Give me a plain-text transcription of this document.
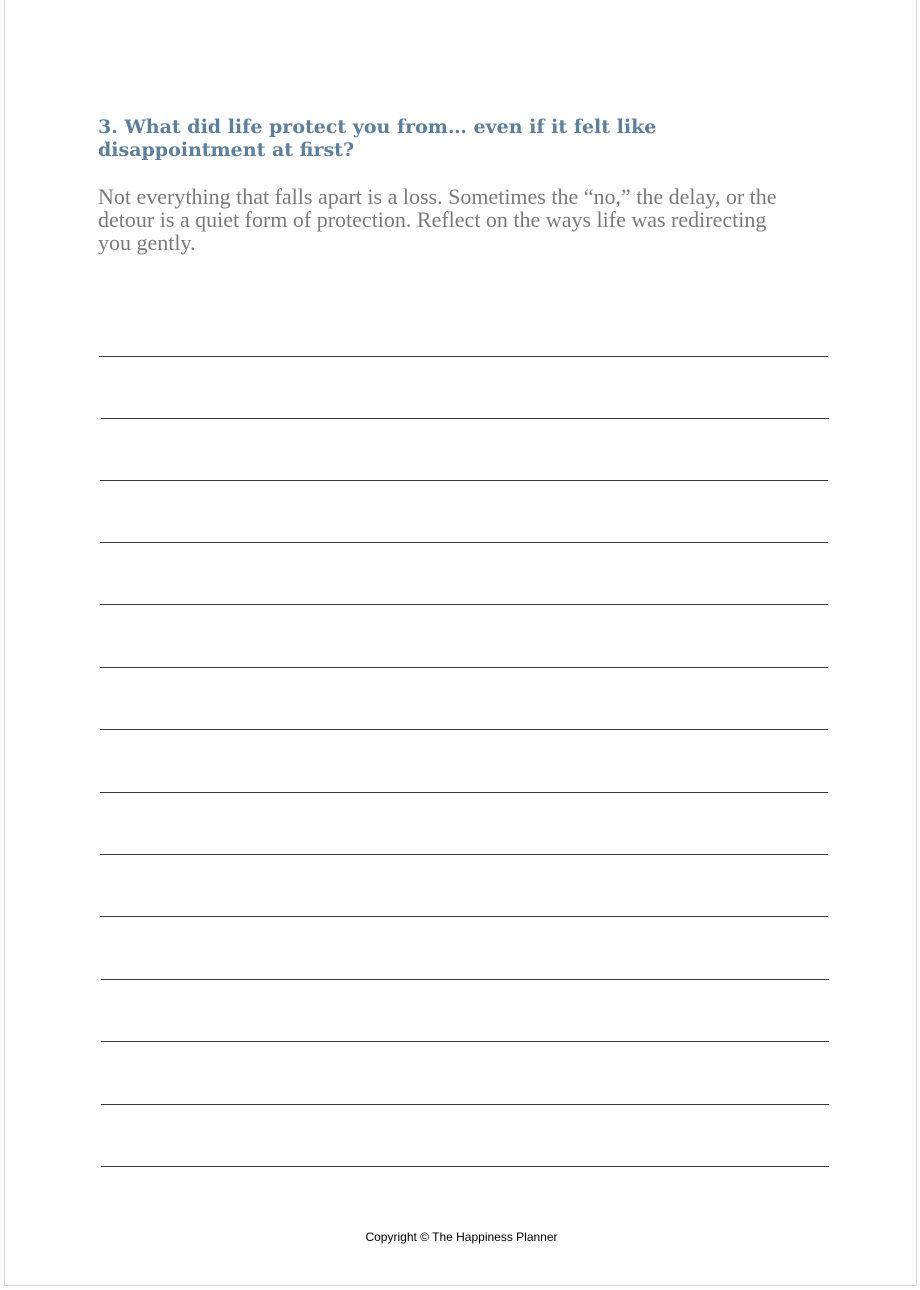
3. What did life protect you from… even if it felt like disappointment at first?

Not everything that falls apart is a loss. Sometimes the “no,” the delay, or the detour is a quiet form of protection. Reflect on the ways life was redirecting you gently.

Copyright © The Happiness Planner
